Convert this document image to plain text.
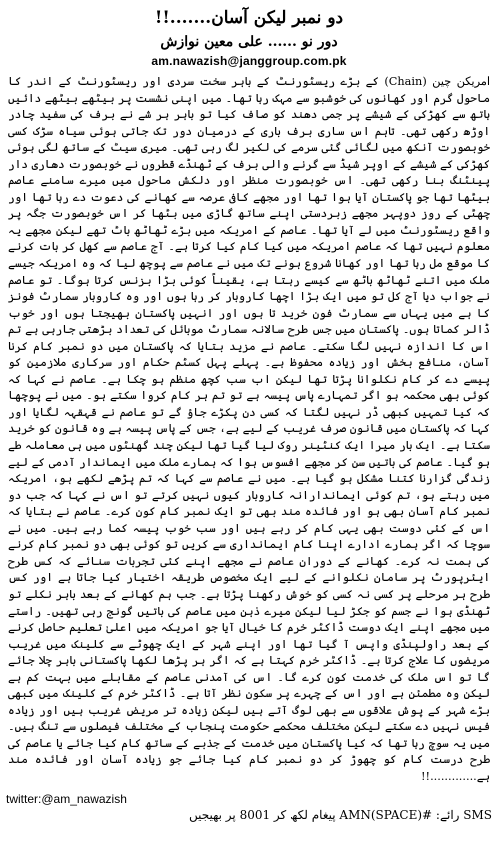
دو نمبر لیکن آسان.......!!
دور نو ...... علی معین نوازش
am.nawazish@janggroup.com.pk

امریکن چین (Chain) کے بڑے ریسٹورنٹ کے باہر سخت سردی اور ریسٹورنٹ کے اندر کا ماحول گرم اور کھانوں کی خوشبو سے مہک رہا تھا۔ میں اپنی نشست پر بیٹھے بیٹھے دائیں ہاتھ سے کھڑکی کے شیشے پر جمی دھند کو صاف کیا تو باہر ہر شے نے برف کی سفید چادر اوڑھ رکھی تھی۔ تاہم اس ساری برف باری کے درمیان دور تک جاتی ہوئی سیاہ سڑک کسی خوبصورت آنکھ میں لگائی گئی سرمے کی لکیر لگ رہی تھی۔ میری سیٹ کے ساتھ لگی ہوئی کھڑکی کے شیشے کے اوپر شیڈ سے گرنے والی برف کے ٹھنڈے قطروں نے خوبصورت دھاری دار پینٹنگ بنا رکھی تھی۔ اس خوبصورت منظر اور دلکش ماحول میں میرے سامنے عاصم بیٹھا تھا جو پاکستان آیا ہوا تھا اور مجھے کافی عرصہ سے کھانے کی دعوت دے رہا تھا اور چھٹی کے روز دوپہر مجھے زبردستی اپنے ساتھ گاڑی میں بٹھا کر اس خوبصورت جگہ پر واقع ریسٹورنٹ میں لے آیا تھا۔ عاصم کے امریکہ میں بڑے ٹھاٹھ باٹ تھے لیکن مجھے یہ معلوم نہیں تھا کہ عاصم امریکہ میں کیا کام کیا کرتا ہے۔ آج عاصم سے کھل کر بات کرنے کا موقع مل رہا تھا اور کھانا شروع ہونے تک میں نے عاصم سے پوچھ لیا کہ وہ امریکہ جیسے ملک میں اتنے ٹھاٹھ باٹھ سے کیسے رہتا ہے، یقیناً کوئی بڑا بزنس کرتا ہوگا۔ تو عاصم نے جواب دیا آج کل تو میں ایک بڑا اچھا کاروبار کر رہا ہوں اور وہ کاروبار سمارٹ فونز کا ہے میں یہاں سے سمارٹ فون خرید تا ہوں اور انہیں پاکستان بھیجتا ہوں اور خوب ڈالر کماتا ہوں۔ پاکستان میں جس طرح سالانہ سمارٹ موبائل کی تعداد بڑھتی جارہی ہے تم اس کا اندازہ نہیں لگا سکتے۔ عاصم نے مزید بتایا کہ پاکستان میں دو نمبر کام کرنا آسان، منافع بخش اور زیادہ محفوظ ہے۔ پہلے پہل کسٹم حکام اور سرکاری ملازمین کو پیسے دے کر کام نکلوانا پڑتا تھا لیکن اب سب کچھ منظم ہو چکا ہے۔ عاصم نے کہا کہ کوئی بھی محکمہ ہو اگر تمہارے پاس پیسہ ہے تو تم ہر کام کروا سکتے ہو۔ میں نے پوچھا کہ کیا تمہیں کبھی ڈر نہیں لگتا کہ کسی دن پکڑے جاؤ گے تو عاصم نے قہقہہ لگایا اور کہا کہ پاکستان میں قانون صرف غریب کے لیے ہے، جس کے پاس پیسہ ہے وہ قانون کو خرید سکتا ہے۔ ایک بار میرا ایک کنٹینر روک لیا گیا تھا لیکن چند گھنٹوں میں ہی معاملہ طے ہو گیا۔ عاصم کی باتیں سن کر مجھے افسوس ہوا کہ ہمارے ملک میں ایماندار آدمی کے لیے زندگی گزارنا کتنا مشکل ہو گیا ہے۔ میں نے عاصم سے کہا کہ تم پڑھے لکھے ہو، امریکہ میں رہتے ہو، تم کوئی ایماندارانہ کاروبار کیوں نہیں کرتے تو اس نے کہا کہ جب دو نمبر کام آسان بھی ہو اور فائدہ مند بھی تو ایک نمبر کام کون کرے۔ عاصم نے بتایا کہ اس کے کئی دوست بھی یہی کام کر رہے ہیں اور سب خوب پیسہ کما رہے ہیں۔ میں نے سوچا کہ اگر ہمارے ادارے اپنا کام ایمانداری سے کریں تو کوئی بھی دو نمبر کام کرنے کی ہمت نہ کرے۔ کھانے کے دوران عاصم نے مجھے اپنے کئی تجربات سنائے کہ کس طرح ایئرپورٹ پر سامان نکلوانے کے لیے ایک مخصوص طریقہ اختیار کیا جاتا ہے اور کس طرح ہر مرحلے پر کسی نہ کسی کو خوش رکھنا پڑتا ہے۔ جب ہم کھانے کے بعد باہر نکلے تو ٹھنڈی ہوا نے جسم کو جکڑ لیا لیکن میرے ذہن میں عاصم کی باتیں گونج رہی تھیں۔ راستے میں مجھے اپنے ایک دوست ڈاکٹر خرم کا خیال آیا جو امریکہ میں اعلیٰ تعلیم حاصل کرنے کے بعد راولپنڈی واپس آ گیا تھا اور اپنے شہر کے ایک چھوٹے سے کلینک میں غریب مریضوں کا علاج کرتا ہے۔ ڈاکٹر خرم کہتا ہے کہ اگر ہر پڑھا لکھا پاکستانی باہر چلا جائے گا تو اس ملک کی خدمت کون کرے گا۔ اس کی آمدنی عاصم کے مقابلے میں بہت کم ہے لیکن وہ مطمئن ہے اور اس کے چہرے پر سکون نظر آتا ہے۔ ڈاکٹر خرم کے کلینک میں کبھی بڑے شہر کے پوش علاقوں سے بھی لوگ آتے ہیں لیکن زیادہ تر مریض غریب ہیں اور زیادہ فیس نہیں دے سکتے لیکن مختلف محکمے حکومت پنجاب کے مختلف فیصلوں سے تنگ ہیں۔ میں یہ سوچ رہا تھا کہ کیا پاکستان میں خدمت کے جذبے کے ساتھ کام کیا جائے یا عاصم کی طرح درست کام کو چھوڑ کر دو نمبر کام کیا جائے جو زیادہ آسان اور فائدہ مند ہے.............!!

twitter:@am_nawazish
SMS رائے: #AMN(SPACE) پیغام لکھ کر 8001 پر بھیجیں
